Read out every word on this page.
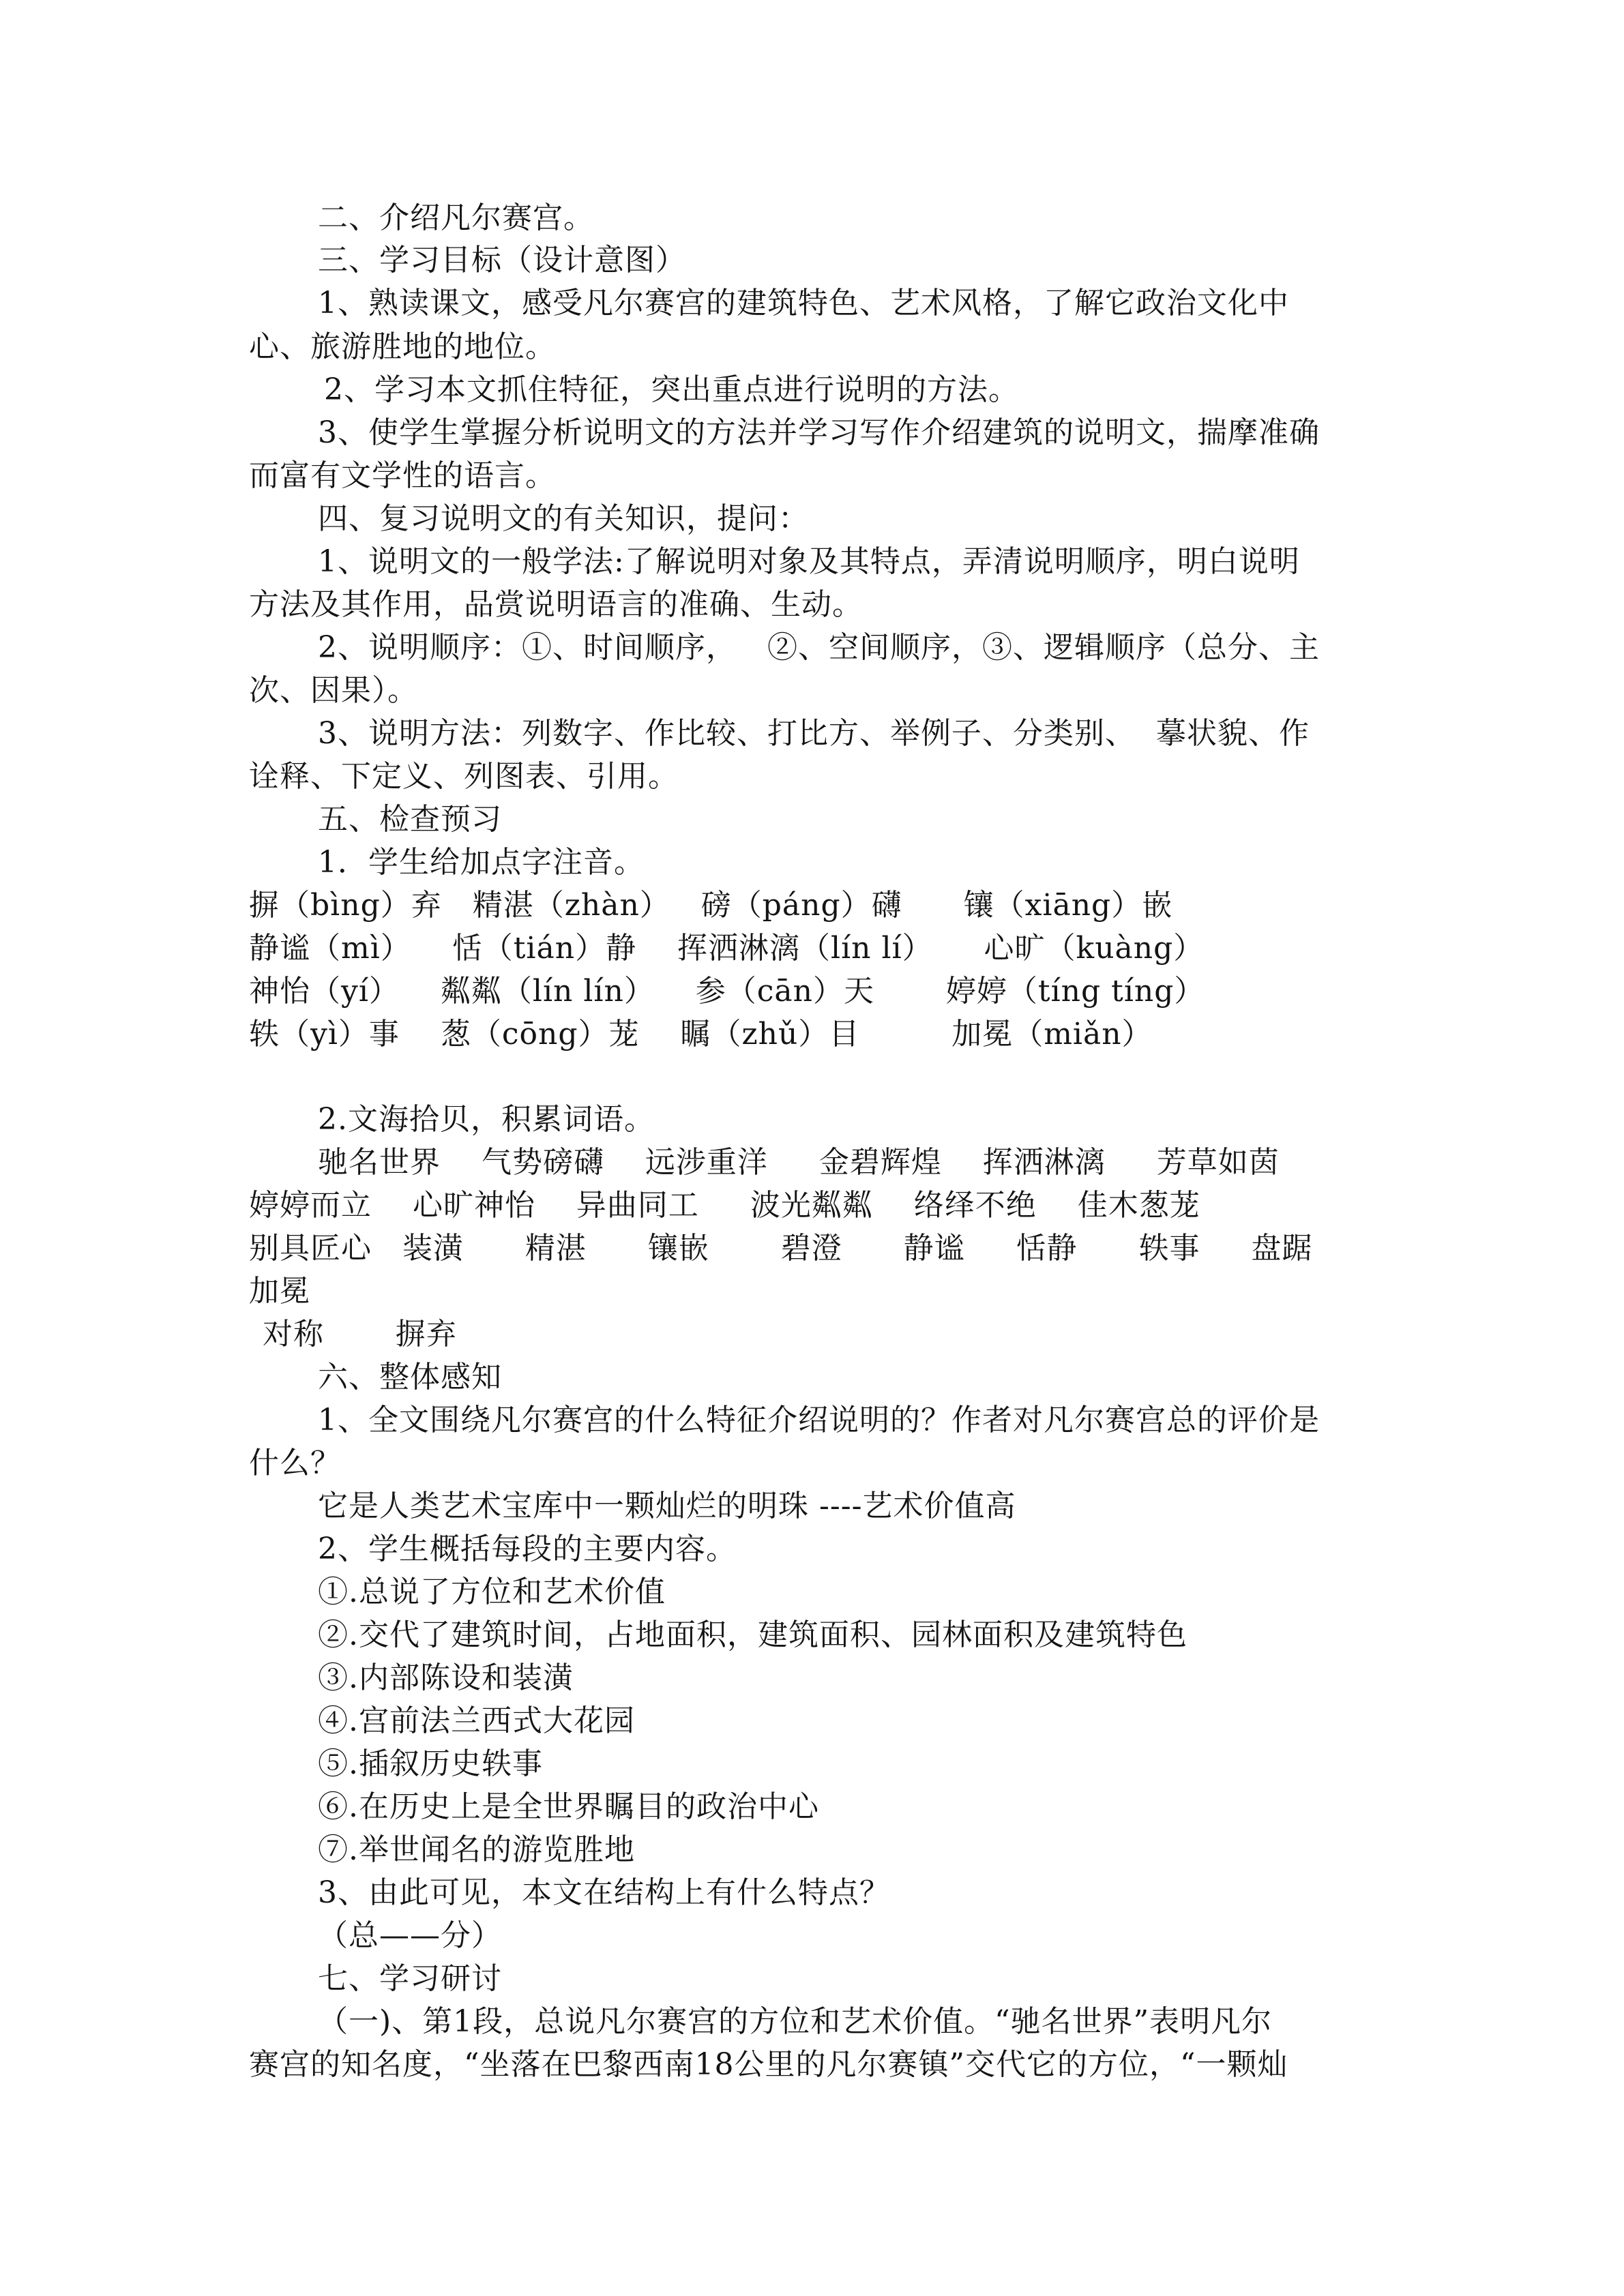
二、介绍凡尔赛宫。
三、学习目标（设计意图）
1、熟读课文，感受凡尔赛宫的建筑特色、艺术风格，了解它政治文化中
心、旅游胜地的地位。
2、学习本文抓住特征，突出重点进行说明的方法。
3、使学生掌握分析说明文的方法并学习写作介绍建筑的说明文，揣摩准确
而富有文学性的语言。
四、复习说明文的有关知识，提问：
1、说明文的一般学法:了解说明对象及其特点，弄清说明顺序，明白说明
方法及其作用，品赏说明语言的准确、生动。
2、说明顺序：①、时间顺序，   ②、空间顺序，③、逻辑顺序（总分、主
次、因果）。
3、说明方法：列数字、作比较、打比方、举例子、分类别、  摹状貌、作
诠释、下定义、列图表、引用。
五、检查预习
1．学生给加点字注音。
摒（bìng）弃   精湛（zhàn）   磅（páng）礴      镶（xiāng）嵌
静谧（mì）    恬（tián）静    挥洒淋漓（lín lí）     心旷（kuàng）
神怡（yí）    粼粼（lín lín）    参（cān）天       婷婷（tíng tíng）
轶（yì）事    葱（cōng）茏    瞩（zhǔ）目         加冕（miǎn）
2.文海拾贝，积累词语。
驰名世界    气势磅礴    远涉重洋     金碧辉煌    挥洒淋漓     芳草如茵
婷婷而立    心旷神怡    异曲同工     波光粼粼    络绎不绝    佳木葱茏
别具匠心   装潢      精湛      镶嵌       碧澄      静谧     恬静      轶事     盘踞
加冕
对称       摒弃
六、整体感知
1、全文围绕凡尔赛宫的什么特征介绍说明的？作者对凡尔赛宫总的评价是
什么？
它是人类艺术宝库中一颗灿烂的明珠 ----艺术价值高
2、学生概括每段的主要内容。
①.总说了方位和艺术价值
②.交代了建筑时间，占地面积，建筑面积、园林面积及建筑特色
③.内部陈设和装潢
④.宫前法兰西式大花园
⑤.插叙历史轶事
⑥.在历史上是全世界瞩目的政治中心
⑦.举世闻名的游览胜地
3、由此可见，本文在结构上有什么特点？
（总——分）
七、学习研讨
（一)、第1段，总说凡尔赛宫的方位和艺术价值。“驰名世界”表明凡尔
赛宫的知名度，“坐落在巴黎西南18公里的凡尔赛镇”交代它的方位，“一颗灿
